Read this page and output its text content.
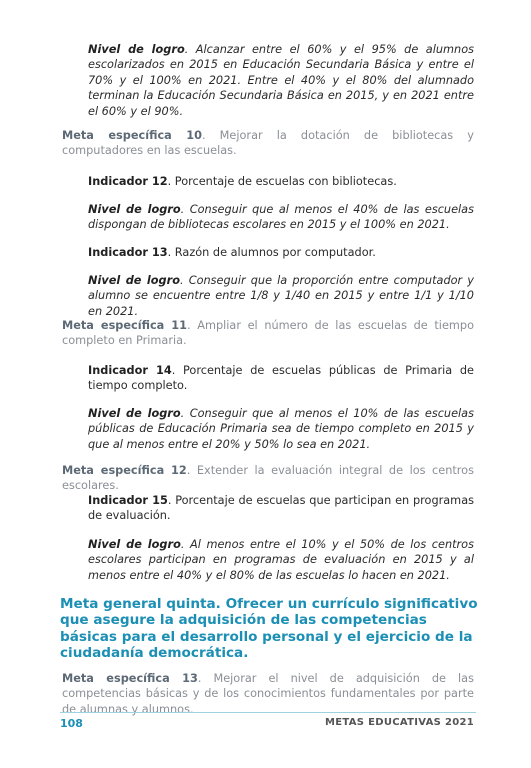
Nivel de logro. Alcanzar entre el 60% y el 95% de alumnos escolarizados en 2015 en Educación Secundaria Básica y entre el 70% y el 100% en 2021. Entre el 40% y el 80% del alumnado terminan la Educación Secundaria Básica en 2015, y en 2021 entre el 60% y el 90%.

Meta específica 10. Mejorar la dotación de bibliotecas y computadores en las escuelas.

Indicador 12. Porcentaje de escuelas con bibliotecas.

Nivel de logro. Conseguir que al menos el 40% de las escuelas dispongan de bibliotecas escolares en 2015 y el 100% en 2021.

Indicador 13. Razón de alumnos por computador.

Nivel de logro. Conseguir que la proporción entre computador y alumno se encuentre entre 1/8 y 1/40 en 2015 y entre 1/1 y 1/10 en 2021.

Meta específica 11. Ampliar el número de las escuelas de tiempo completo en Primaria.

Indicador 14. Porcentaje de escuelas públicas de Primaria de tiempo completo.

Nivel de logro. Conseguir que al menos el 10% de las escuelas públicas de Educación Primaria sea de tiempo completo en 2015 y que al menos entre el 20% y 50% lo sea en 2021.

Meta específica 12. Extender la evaluación integral de los centros escolares.

Indicador 15. Porcentaje de escuelas que participan en programas de evaluación.

Nivel de logro. Al menos entre el 10% y el 50% de los centros escolares participan en programas de evaluación en 2015 y al menos entre el 40% y el 80% de las escuelas lo hacen en 2021.

Meta general quinta. Ofrecer un currículo significativo que asegure la adquisición de las competencias básicas para el desarrollo personal y el ejercicio de la ciudadanía democrática.

Meta específica 13. Mejorar el nivel de adquisición de las competencias básicas y de los conocimientos fundamentales por parte de alumnas y alumnos.

108	METAS EDUCATIVAS 2021
